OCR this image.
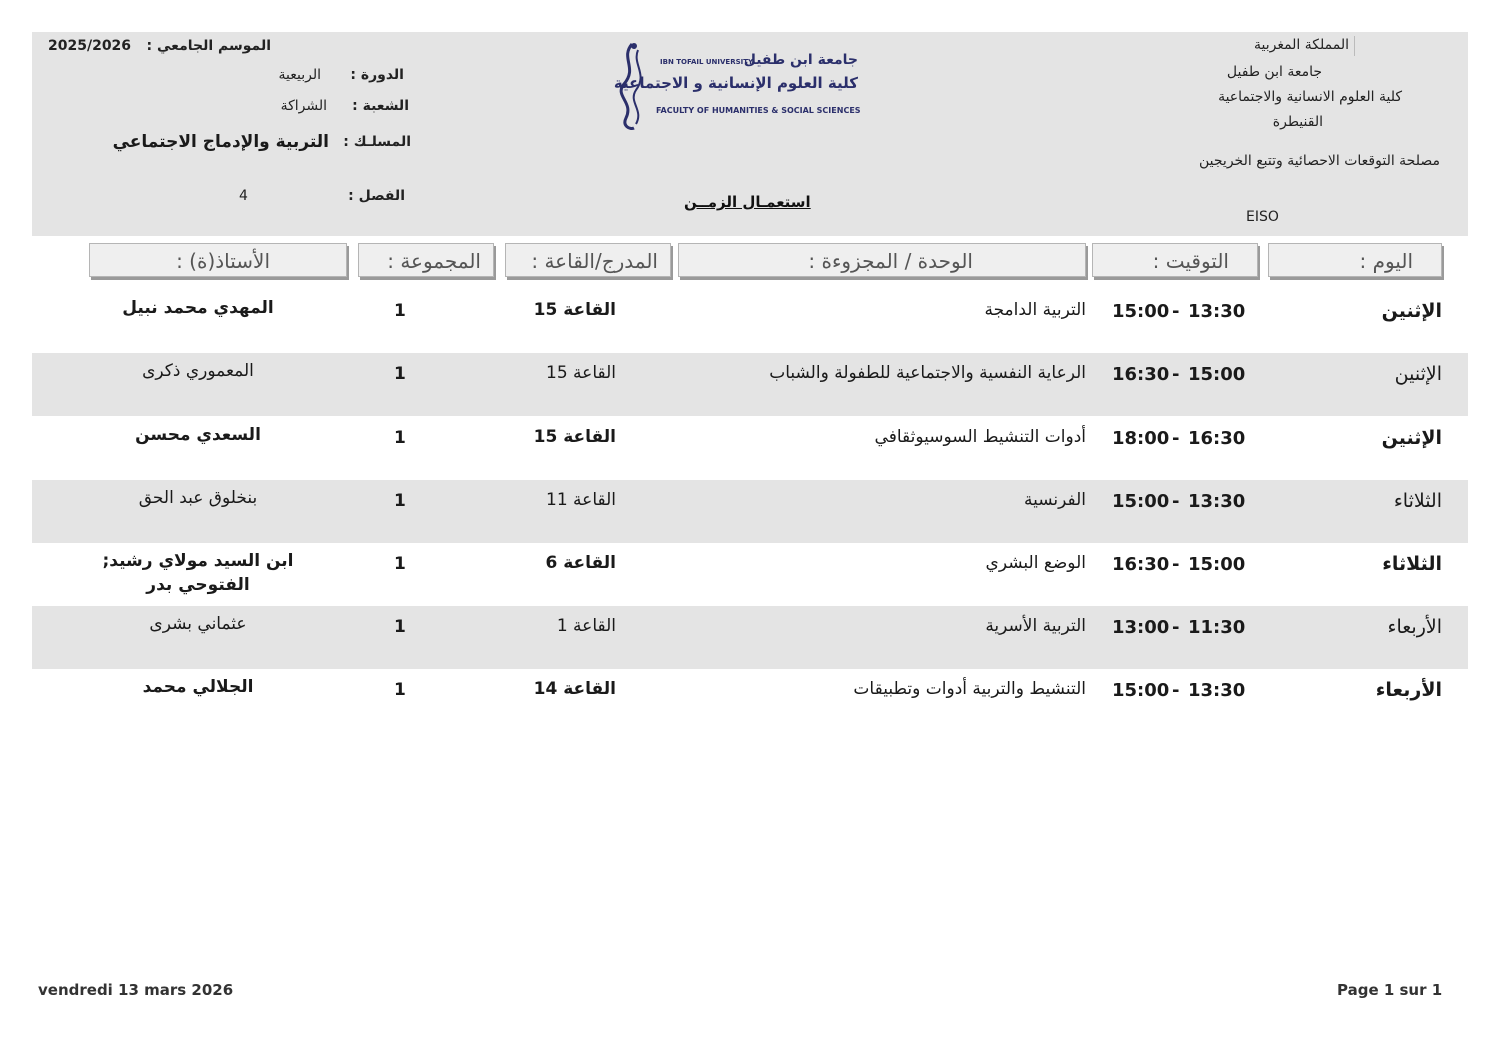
المملكة المغربية
جامعة ابن طفيل
كلية العلوم الانسانية والاجتماعية
القنيطرة
مصلحة التوقعات الاحصائية وتتبع الخريجين
EISO
IBN TOFAIL UNIVERSITY
جامعة ابن طفيل
كلية العلوم الإنسانية و الاجتماعية
FACULTY OF HUMANITIES & SOCIAL SCIENCES
استعمـال الزمــن
الموسم الجامعي :
2025/2026
الدورة :
الربيعية
الشعبة :
الشراكة
المسلـك :
التربية والإدماج الاجتماعي
الفصل :
4
اليوم :
التوقيت :
الوحدة / المجزوءة :
المدرج/القاعة :
المجموعة :
الأستاذ(ة) :
الإثنين
15:00 - 13:30
التربية الدامجة
القاعة 15
1
المهدي محمد نبيل
الإثنين
16:30 - 15:00
الرعاية النفسية والاجتماعية للطفولة والشباب
القاعة 15
1
المعموري ذكرى
الإثنين
18:00 - 16:30
أدوات التنشيط السوسيوثقافي
القاعة 15
1
السعدي محسن
الثلاثاء
15:00 - 13:30
الفرنسية
القاعة 11
1
بنخلوق عبد الحق
الثلاثاء
16:30 - 15:00
الوضع البشري
القاعة 6
1
ابن السيد مولاي رشيد; الفتوحي بدر
الأربعاء
13:00 - 11:30
التربية الأسرية
القاعة 1
1
عثماني بشرى
الأربعاء
15:00 - 13:30
التنشيط والتربية أدوات وتطبيقات
القاعة 14
1
الجلالي محمد
vendredi 13 mars 2026	Page 1 sur 1
